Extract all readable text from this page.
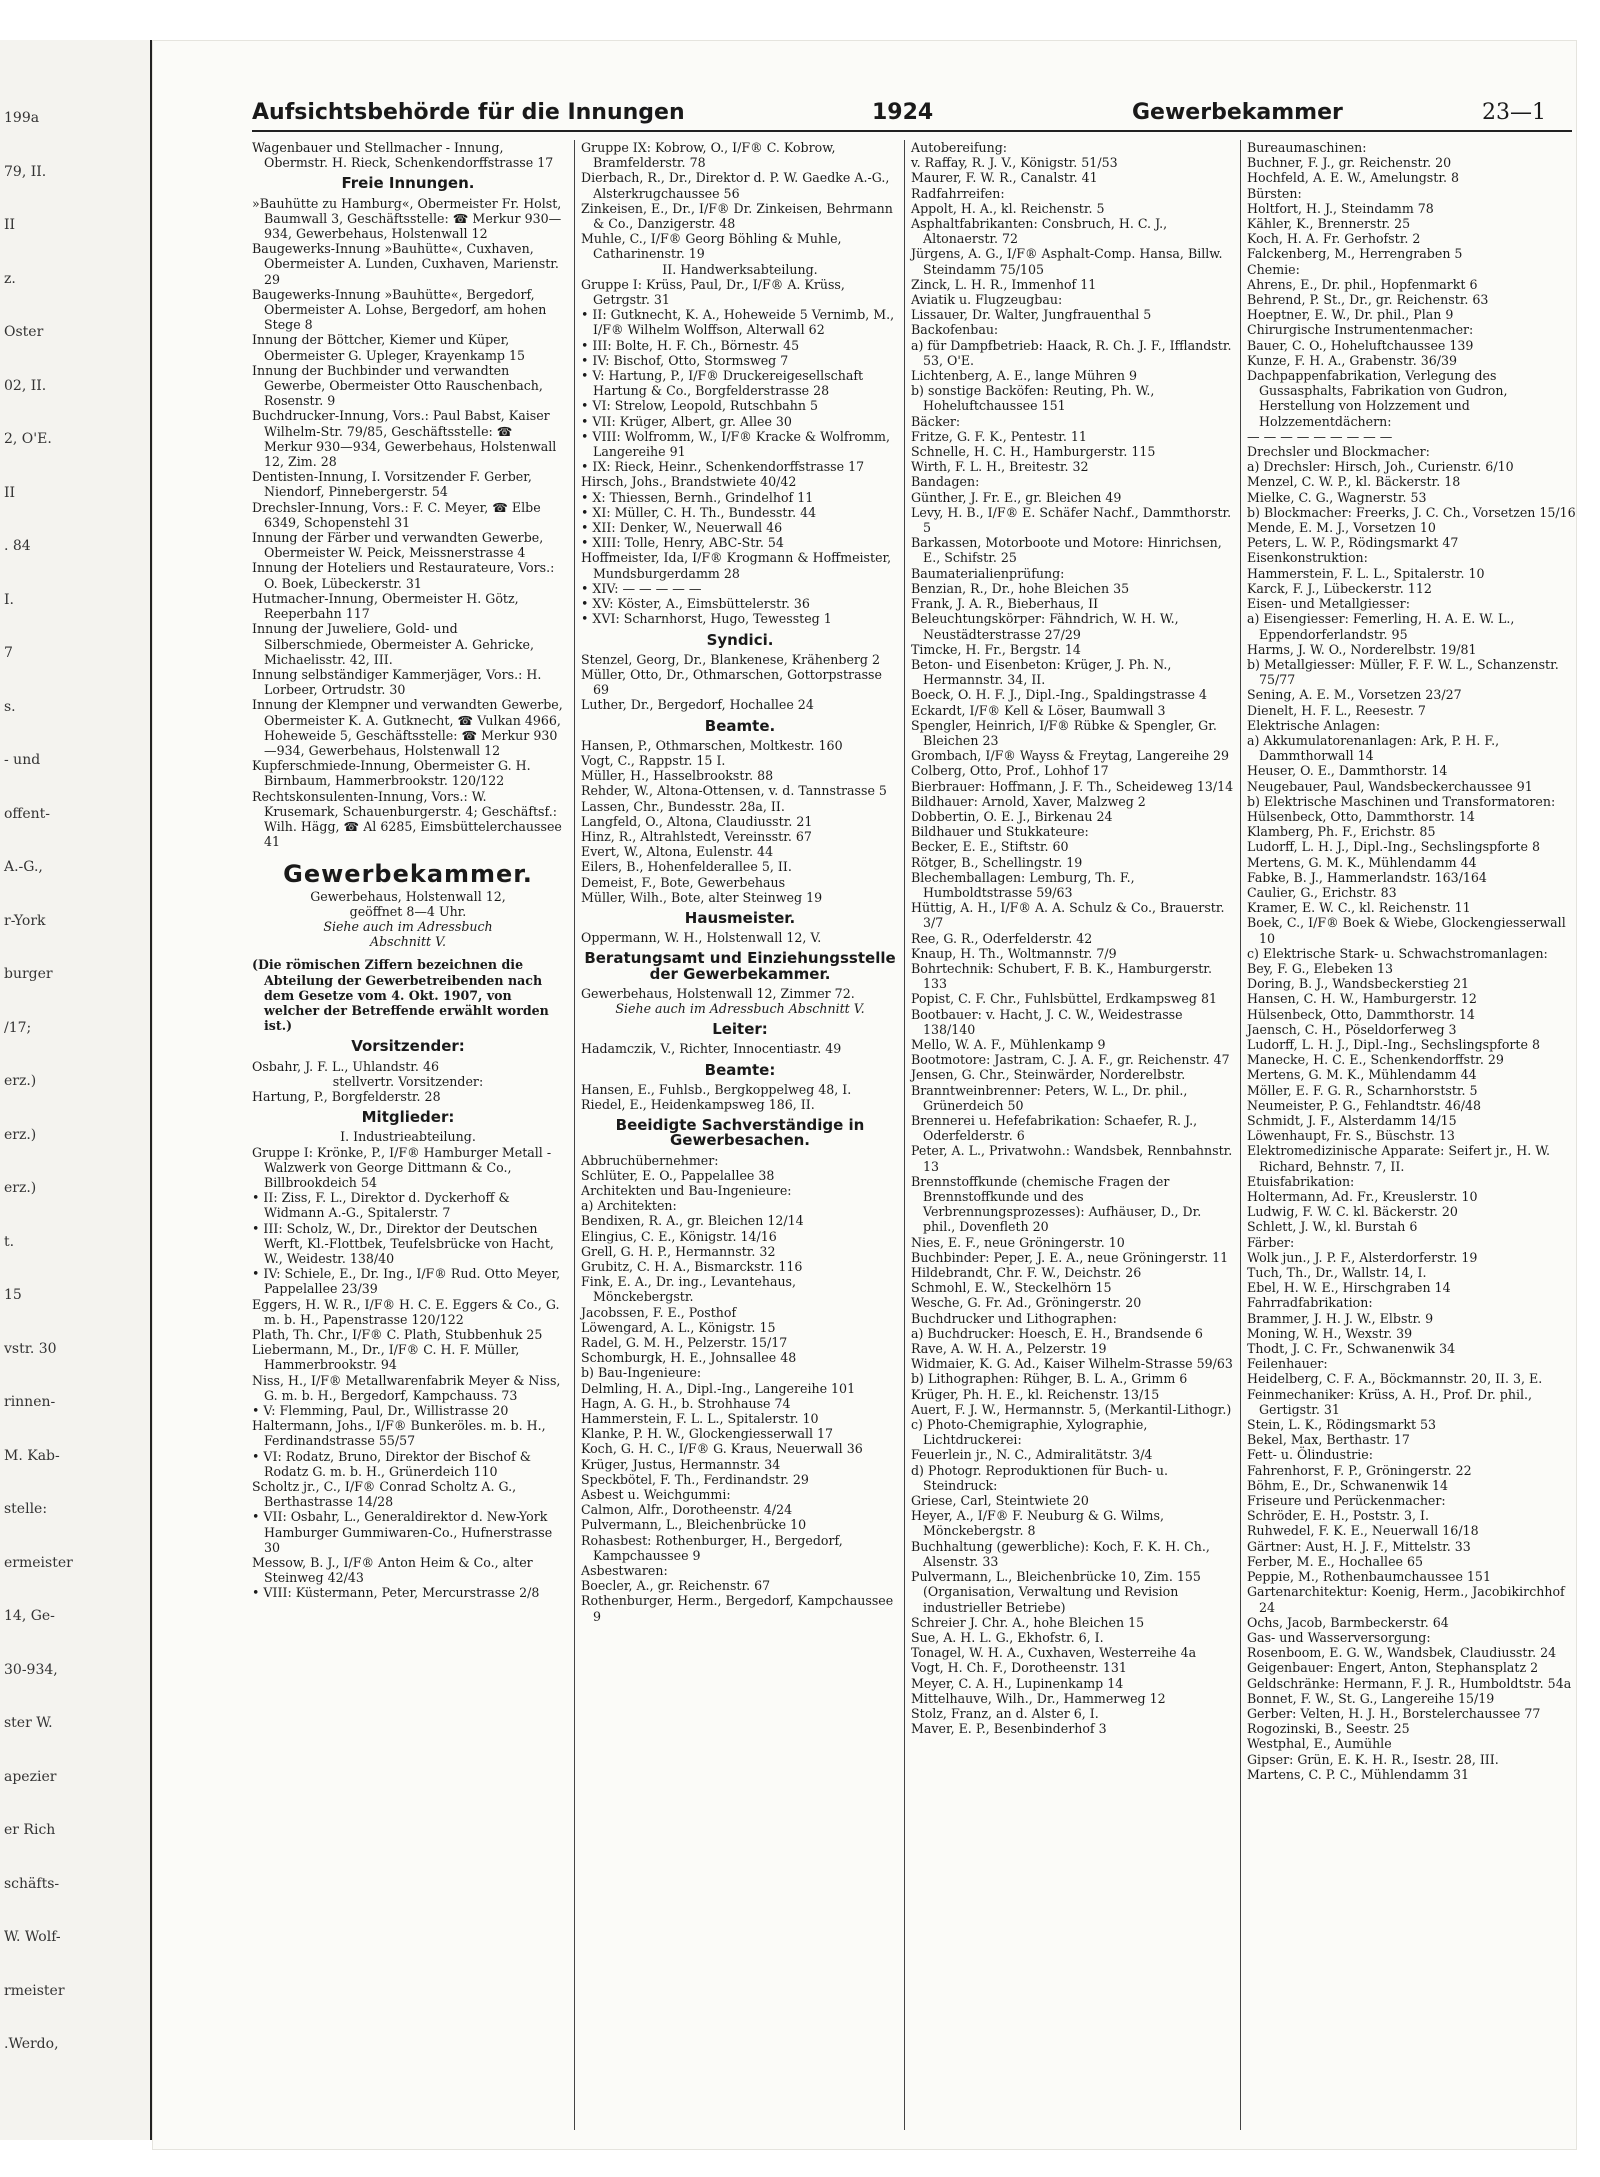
199a
79, II.
II
z.
Oster
02, II.
2, O'E.
II
. 84
I.
7
s.
- und
offent-
A.-G.,
r-York
burger
/17;
erz.)
erz.)
erz.)
t.
15
vstr. 30
rinnen-
M. Kab-
stelle:
ermeister
14, Ge-
30-934,
ster W.
apezier
er Rich
schäfts-
W. Wolf-
rmeister
.Werdo,
Aufsichtsbehörde für die Innungen	1924	Gewerbekammer	23—1

Wagenbauer und Stellmacher - Innung, Obermstr. H. Rieck, Schenkendorffstrasse 17

Freie Innungen.

»Bauhütte zu Hamburg«, Obermeister Fr. Holst, Baumwall 3, Geschäftsstelle: ☎ Merkur 930—934, Gewerbehaus, Holstenwall 12

Baugewerks-Innung »Bauhütte«, Cuxhaven, Obermeister A. Lunden, Cuxhaven, Marienstr. 29

Baugewerks-Innung »Bauhütte«, Bergedorf, Obermeister A. Lohse, Bergedorf, am hohen Stege 8

Innung der Böttcher, Kiemer und Küper, Obermeister G. Upleger, Krayenkamp 15

Innung der Buchbinder und verwandten Gewerbe, Obermeister Otto Rauschenbach, Rosenstr. 9

Buchdrucker-Innung, Vors.: Paul Babst, Kaiser Wilhelm-Str. 79/85, Geschäftsstelle: ☎ Merkur 930—934, Gewerbehaus, Holstenwall 12, Zim. 28

Dentisten-Innung, I. Vorsitzender F. Gerber, Niendorf, Pinnebergerstr. 54

Drechsler-Innung, Vors.: F. C. Meyer, ☎ Elbe 6349, Schopenstehl 31

Innung der Färber und verwandten Gewerbe, Obermeister W. Peick, Meissnerstrasse 4

Innung der Hoteliers und Restaurateure, Vors.: O. Boek, Lübeckerstr. 31

Hutmacher-Innung, Obermeister H. Götz, Reeperbahn 117

Innung der Juweliere, Gold- und Silberschmiede, Obermeister A. Gehricke, Michaelisstr. 42, III.

Innung selbständiger Kammerjäger, Vors.: H. Lorbeer, Ortrudstr. 30

Innung der Klempner und verwandten Gewerbe, Obermeister K. A. Gutknecht, ☎ Vulkan 4966, Hoheweide 5, Geschäftsstelle: ☎ Merkur 930—934, Gewerbehaus, Holstenwall 12

Kupferschmiede-Innung, Obermeister G. H. Birnbaum, Hammerbrookstr. 120/122

Rechtskonsulenten-Innung, Vors.: W. Krusemark, Schauenburgerstr. 4; Geschäftsf.: Wilh. Hägg, ☎ Al 6285, Eimsbüttelerchaussee 41

Gewerbekammer.

Gewerbehaus, Holstenwall 12,

geöffnet 8—4 Uhr.

Siehe auch im Adressbuch

Abschnitt V.

(Die römischen Ziffern bezeichnen die Abteilung der Gewerbetreibenden nach dem Gesetze vom 4. Okt. 1907, von welcher der Betreffende erwählt worden ist.)

Vorsitzender:

Osbahr, J. F. L., Uhlandstr. 46

stellvertr. Vorsitzender:

Hartung, P., Borgfelderstr. 28

Mitglieder:

I. Industrieabteilung.

Gruppe I: Krönke, P., I/F® Hamburger Metall - Walzwerk von George Dittmann & Co., Billbrookdeich 54

• II: Ziss, F. L., Direktor d. Dyckerhoff & Widmann A.-G., Spitalerstr. 7

• III: Scholz, W., Dr., Direktor der Deutschen Werft, Kl.-Flottbek, Teufelsbrücke von Hacht, W., Weidestr. 138/40

• IV: Schiele, E., Dr. Ing., I/F® Rud. Otto Meyer, Pappelallee 23/39

Eggers, H. W. R., I/F® H. C. E. Eggers & Co., G. m. b. H., Papenstrasse 120/122

Plath, Th. Chr., I/F® C. Plath, Stubbenhuk 25

Liebermann, M., Dr., I/F® C. H. F. Müller, Hammerbrookstr. 94

Niss, H., I/F® Metallwarenfabrik Meyer & Niss, G. m. b. H., Bergedorf, Kampchauss. 73

• V: Flemming, Paul, Dr., Willistrasse 20

Haltermann, Johs., I/F® Bunkeröles. m. b. H., Ferdinandstrasse 55/57

• VI: Rodatz, Bruno, Direktor der Bischof & Rodatz G. m. b. H., Grünerdeich 110

Scholtz jr., C., I/F® Conrad Scholtz A. G., Berthastrasse 14/28

• VII: Osbahr, L., Generaldirektor d. New-York Hamburger Gummiwaren-Co., Hufnerstrasse 30

Messow, B. J., I/F® Anton Heim & Co., alter Steinweg 42/43

• VIII: Küstermann, Peter, Mercurstrasse 2/8

Gruppe IX: Kobrow, O., I/F® C. Kobrow, Bramfelderstr. 78

Dierbach, R., Dr., Direktor d. P. W. Gaedke A.-G., Alsterkrugchaussee 56

Zinkeisen, E., Dr., I/F® Dr. Zinkeisen, Behrmann & Co., Danzigerstr. 48

Muhle, C., I/F® Georg Böhling & Muhle, Catharinenstr. 19

II. Handwerksabteilung.

Gruppe I: Krüss, Paul, Dr., I/F® A. Krüss, Getrgstr. 31

• II: Gutknecht, K. A., Hoheweide 5 Vernimb, M., I/F® Wilhelm Wolffson, Alterwall 62

• III: Bolte, H. F. Ch., Börnestr. 45

• IV: Bischof, Otto, Stormsweg 7

• V: Hartung, P., I/F® Druckereigesellschaft Hartung & Co., Borgfelderstrasse 28

• VI: Strelow, Leopold, Rutschbahn 5

• VII: Krüger, Albert, gr. Allee 30

• VIII: Wolfromm, W., I/F® Kracke & Wolfromm, Langereihe 91

• IX: Rieck, Heinr., Schenkendorffstrasse 17

Hirsch, Johs., Brandstwiete 40/42

• X: Thiessen, Bernh., Grindelhof 11

• XI: Müller, C. H. Th., Bundesstr. 44

• XII: Denker, W., Neuerwall 46

• XIII: Tolle, Henry, ABC-Str. 54

Hoffmeister, Ida, I/F® Krogmann & Hoffmeister, Mundsburgerdamm 28

• XIV: — — — — —

• XV: Köster, A., Eimsbüttelerstr. 36

• XVI: Scharnhorst, Hugo, Tewessteg 1

Syndici.

Stenzel, Georg, Dr., Blankenese, Krähenberg 2

Müller, Otto, Dr., Othmarschen, Gottorpstrasse 69

Luther, Dr., Bergedorf, Hochallee 24

Beamte.

Hansen, P., Othmarschen, Moltkestr. 160

Vogt, C., Rappstr. 15 I.

Müller, H., Hasselbrookstr. 88

Rehder, W., Altona-Ottensen, v. d. Tannstrasse 5

Lassen, Chr., Bundesstr. 28a, II.

Langfeld, O., Altona, Claudiusstr. 21

Hinz, R., Altrahlstedt, Vereinsstr. 67

Evert, W., Altona, Eulenstr. 44

Eilers, B., Hohenfelderallee 5, II.

Demeist, F., Bote, Gewerbehaus

Müller, Wilh., Bote, alter Steinweg 19

Hausmeister.

Oppermann, W. H., Holstenwall 12, V.

Beratungsamt und Einziehungsstelle der Gewerbekammer.

Gewerbehaus, Holstenwall 12, Zimmer 72.

Siehe auch im Adressbuch Abschnitt V.

Leiter:

Hadamczik, V., Richter, Innocentiastr. 49

Beamte:

Hansen, E., Fuhlsb., Bergkoppelweg 48, I.

Riedel, E., Heidenkampsweg 186, II.

Beeidigte Sachverständige in Gewerbesachen.

Abbruchübernehmer:

Schlüter, E. O., Pappelallee 38

Architekten und Bau-Ingenieure:

a) Architekten:

Bendixen, R. A., gr. Bleichen 12/14

Elingius, C. E., Königstr. 14/16

Grell, G. H. P., Hermannstr. 32

Grubitz, C. H. A., Bismarckstr. 116

Fink, E. A., Dr. ing., Levantehaus, Mönckebergstr.

Jacobssen, F. E., Posthof

Löwengard, A. L., Königstr. 15

Radel, G. M. H., Pelzerstr. 15/17

Schomburgk, H. E., Johnsallee 48

b) Bau-Ingenieure:

Delmling, H. A., Dipl.-Ing., Langereihe 101

Hagn, A. G. H., b. Strohhause 74

Hammerstein, F. L. L., Spitalerstr. 10

Klanke, P. H. W., Glockengiesserwall 17

Koch, G. H. C., I/F® G. Kraus, Neuerwall 36

Krüger, Justus, Hermannstr. 34

Speckbötel, F. Th., Ferdinandstr. 29

Asbest u. Weichgummi:

Calmon, Alfr., Dorotheenstr. 4/24

Pulvermann, L., Bleichenbrücke 10

Rohasbest: Rothenburger, H., Bergedorf, Kampchaussee 9

Asbestwaren:

Boecler, A., gr. Reichenstr. 67

Rothenburger, Herm., Bergedorf, Kampchaussee 9

Autobereifung:

v. Raffay, R. J. V., Königstr. 51/53

Maurer, F. W. R., Canalstr. 41

Radfahrreifen:

Appolt, H. A., kl. Reichenstr. 5

Asphaltfabrikanten: Consbruch, H. C. J., Altonaerstr. 72

Jürgens, A. G., I/F® Asphalt-Comp. Hansa, Billw. Steindamm 75/105

Zinck, L. H. R., Immenhof 11

Aviatik u. Flugzeugbau:

Lissauer, Dr. Walter, Jungfrauenthal 5

Backofenbau:

a) für Dampfbetrieb: Haack, R. Ch. J. F., Ifflandstr. 53, O'E.

Lichtenberg, A. E., lange Mühren 9

b) sonstige Backöfen: Reuting, Ph. W., Hoheluftchaussee 151

Bäcker:

Fritze, G. F. K., Pentestr. 11

Schnelle, H. C. H., Hamburgerstr. 115

Wirth, F. L. H., Breitestr. 32

Bandagen:

Günther, J. Fr. E., gr. Bleichen 49

Levy, H. B., I/F® E. Schäfer Nachf., Dammthorstr. 5

Barkassen, Motorboote und Motore: Hinrichsen, E., Schifstr. 25

Baumaterialienprüfung:

Benzian, R., Dr., hohe Bleichen 35

Frank, J. A. R., Bieberhaus, II

Beleuchtungskörper: Fähndrich, W. H. W., Neustädterstrasse 27/29

Timcke, H. Fr., Bergstr. 14

Beton- und Eisenbeton: Krüger, J. Ph. N., Hermannstr. 34, II.

Boeck, O. H. F. J., Dipl.-Ing., Spaldingstrasse 4

Eckardt, I/F® Kell & Löser, Baumwall 3

Spengler, Heinrich, I/F® Rübke & Spengler, Gr. Bleichen 23

Grombach, I/F® Wayss & Freytag, Langereihe 29

Colberg, Otto, Prof., Lohhof 17

Bierbrauer: Hoffmann, J. F. Th., Scheideweg 13/14

Bildhauer: Arnold, Xaver, Malzweg 2

Dobbertin, O. E. J., Birkenau 24

Bildhauer und Stukkateure:

Becker, E. E., Stiftstr. 60

Rötger, B., Schellingstr. 19

Blechemballagen: Lemburg, Th. F., Humboldtstrasse 59/63

Hüttig, A. H., I/F® A. A. Schulz & Co., Brauerstr. 3/7

Ree, G. R., Oderfelderstr. 42

Knaup, H. Th., Woltmannstr. 7/9

Bohrtechnik: Schubert, F. B. K., Hamburgerstr. 133

Popist, C. F. Chr., Fuhlsbüttel, Erdkampsweg 81

Bootbauer: v. Hacht, J. C. W., Weidestrasse 138/140

Mello, W. A. F., Mühlenkamp 9

Bootmotore: Jastram, C. J. A. F., gr. Reichenstr. 47

Jensen, G. Chr., Steinwärder, Norderelbstr.

Branntweinbrenner: Peters, W. L., Dr. phil., Grünerdeich 50

Brennerei u. Hefefabrikation: Schaefer, R. J., Oderfelderstr. 6

Peter, A. L., Privatwohn.: Wandsbek, Rennbahnstr. 13

Brennstoffkunde (chemische Fragen der Brennstoffkunde und des Verbrennungsprozesses): Aufhäuser, D., Dr. phil., Dovenfleth 20

Nies, E. F., neue Gröningerstr. 10

Buchbinder: Peper, J. E. A., neue Gröningerstr. 11

Hildebrandt, Chr. F. W., Deichstr. 26

Schmohl, E. W., Steckelhörn 15

Wesche, G. Fr. Ad., Gröningerstr. 20

Buchdrucker und Lithographen:

a) Buchdrucker: Hoesch, E. H., Brandsende 6

Rave, A. W. H. A., Pelzerstr. 19

Widmaier, K. G. Ad., Kaiser Wilhelm-Strasse 59/63

b) Lithographen: Rühger, B. L. A., Grimm 6

Krüger, Ph. H. E., kl. Reichenstr. 13/15

Auert, F. J. W., Hermannstr. 5, (Merkantil-Lithogr.)

c) Photo-Chemigraphie, Xylographie, Lichtdruckerei:

Feuerlein jr., N. C., Admiralitätstr. 3/4

d) Photogr. Reproduktionen für Buch- u. Steindruck:

Griese, Carl, Steintwiete 20

Heyer, A., I/F® F. Neuburg & G. Wilms, Mönckebergstr. 8

Buchhaltung (gewerbliche): Koch, F. K. H. Ch., Alsenstr. 33

Pulvermann, L., Bleichenbrücke 10, Zim. 155 (Organisation, Verwaltung und Revision industrieller Betriebe)

Schreier J. Chr. A., hohe Bleichen 15

Sue, A. H. L. G., Ekhofstr. 6, I.

Tonagel, W. H. A., Cuxhaven, Westerreihe 4a

Vogt, H. Ch. F., Dorotheenstr. 131

Meyer, C. A. H., Lupinenkamp 14

Mittelhauve, Wilh., Dr., Hammerweg 12

Stolz, Franz, an d. Alster 6, I.

Maver, E. P., Besenbinderhof 3

Bureaumaschinen:

Buchner, F. J., gr. Reichenstr. 20

Hochfeld, A. E. W., Amelungstr. 8

Bürsten:

Holtfort, H. J., Steindamm 78

Kähler, K., Brennerstr. 25

Koch, H. A. Fr. Gerhofstr. 2

Falckenberg, M., Herrengraben 5

Chemie:

Ahrens, E., Dr. phil., Hopfenmarkt 6

Behrend, P. St., Dr., gr. Reichenstr. 63

Hoeptner, E. W., Dr. phil., Plan 9

Chirurgische Instrumentenmacher:

Bauer, C. O., Hoheluftchaussee 139

Kunze, F. H. A., Grabenstr. 36/39

Dachpappenfabrikation, Verlegung des Gussasphalts, Fabrikation von Gudron, Herstellung von Holzzement und Holzzementdächern:

— — — — — — — — —

Drechsler und Blockmacher:

a) Drechsler: Hirsch, Joh., Curienstr. 6/10

Menzel, C. W. P., kl. Bäckerstr. 18

Mielke, C. G., Wagnerstr. 53

b) Blockmacher: Freerks, J. C. Ch., Vorsetzen 15/16

Mende, E. M. J., Vorsetzen 10

Peters, L. W. P., Rödingsmarkt 47

Eisenkonstruktion:

Hammerstein, F. L. L., Spitalerstr. 10

Karck, F. J., Lübeckerstr. 112

Eisen- und Metallgiesser:

a) Eisengiesser: Femerling, H. A. E. W. L., Eppendorferlandstr. 95

Harms, J. W. O., Norderelbstr. 19/81

b) Metallgiesser: Müller, F. F. W. L., Schanzenstr. 75/77

Sening, A. E. M., Vorsetzen 23/27

Dienelt, H. F. L., Reesestr. 7

Elektrische Anlagen:

a) Akkumulatorenanlagen: Ark, P. H. F., Dammthorwall 14

Heuser, O. E., Dammthorstr. 14

Neugebauer, Paul, Wandsbeckerchaussee 91

b) Elektrische Maschinen und Transformatoren:

Hülsenbeck, Otto, Dammthorstr. 14

Klamberg, Ph. F., Erichstr. 85

Ludorff, L. H. J., Dipl.-Ing., Sechslingspforte 8

Mertens, G. M. K., Mühlendamm 44

Fabke, B. J., Hammerlandstr. 163/164

Caulier, G., Erichstr. 83

Kramer, E. W. C., kl. Reichenstr. 11

Boek, C., I/F® Boek & Wiebe, Glockengiesserwall 10

c) Elektrische Stark- u. Schwachstromanlagen:

Bey, F. G., Elebeken 13

Doring, B. J., Wandsbeckerstieg 21

Hansen, C. H. W., Hamburgerstr. 12

Hülsenbeck, Otto, Dammthorstr. 14

Jaensch, C. H., Pöseldorferweg 3

Ludorff, L. H. J., Dipl.-Ing., Sechslingspforte 8

Manecke, H. C. E., Schenkendorffstr. 29

Mertens, G. M. K., Mühlendamm 44

Möller, E. F. G. R., Scharnhorststr. 5

Neumeister, P. G., Fehlandtstr. 46/48

Schmidt, J. F., Alsterdamm 14/15

Löwenhaupt, Fr. S., Büschstr. 13

Elektromedizinische Apparate: Seifert jr., H. W. Richard, Behnstr. 7, II.

Etuisfabrikation:

Holtermann, Ad. Fr., Kreuslerstr. 10

Ludwig, F. W. C. kl. Bäckerstr. 20

Schlett, J. W., kl. Burstah 6

Färber:

Wolk jun., J. P. F., Alsterdorferstr. 19

Tuch, Th., Dr., Wallstr. 14, I.

Ebel, H. W. E., Hirschgraben 14

Fahrradfabrikation:

Brammer, J. H. J. W., Elbstr. 9

Moning, W. H., Wexstr. 39

Thodt, J. C. Fr., Schwanenwik 34

Feilenhauer:

Heidelberg, C. F. A., Böckmannstr. 20, II. 3, E.

Feinmechaniker: Krüss, A. H., Prof. Dr. phil., Gertigstr. 31

Stein, L. K., Rödingsmarkt 53

Bekel, Max, Berthastr. 17

Fett- u. Ölindustrie:

Fahrenhorst, F. P., Gröningerstr. 22

Böhm, E., Dr., Schwanenwik 14

Friseure und Perückenmacher:

Schröder, E. H., Poststr. 3, I.

Ruhwedel, F. K. E., Neuerwall 16/18

Gärtner: Aust, H. J. F., Mittelstr. 33

Ferber, M. E., Hochallee 65

Peppie, M., Rothenbaumchaussee 151

Gartenarchitektur: Koenig, Herm., Jacobikirchhof 24

Ochs, Jacob, Barmbeckerstr. 64

Gas- und Wasserversorgung:

Rosenboom, E. G. W., Wandsbek, Claudiusstr. 24

Geigenbauer: Engert, Anton, Stephansplatz 2

Geldschränke: Hermann, F. J. R., Humboldtstr. 54a

Bonnet, F. W., St. G., Langereihe 15/19

Gerber: Velten, H. J. H., Borstelerchaussee 77

Rogozinski, B., Seestr. 25

Westphal, E., Aumühle

Gipser: Grün, E. K. H. R., Isestr. 28, III.

Martens, C. P. C., Mühlendamm 31
